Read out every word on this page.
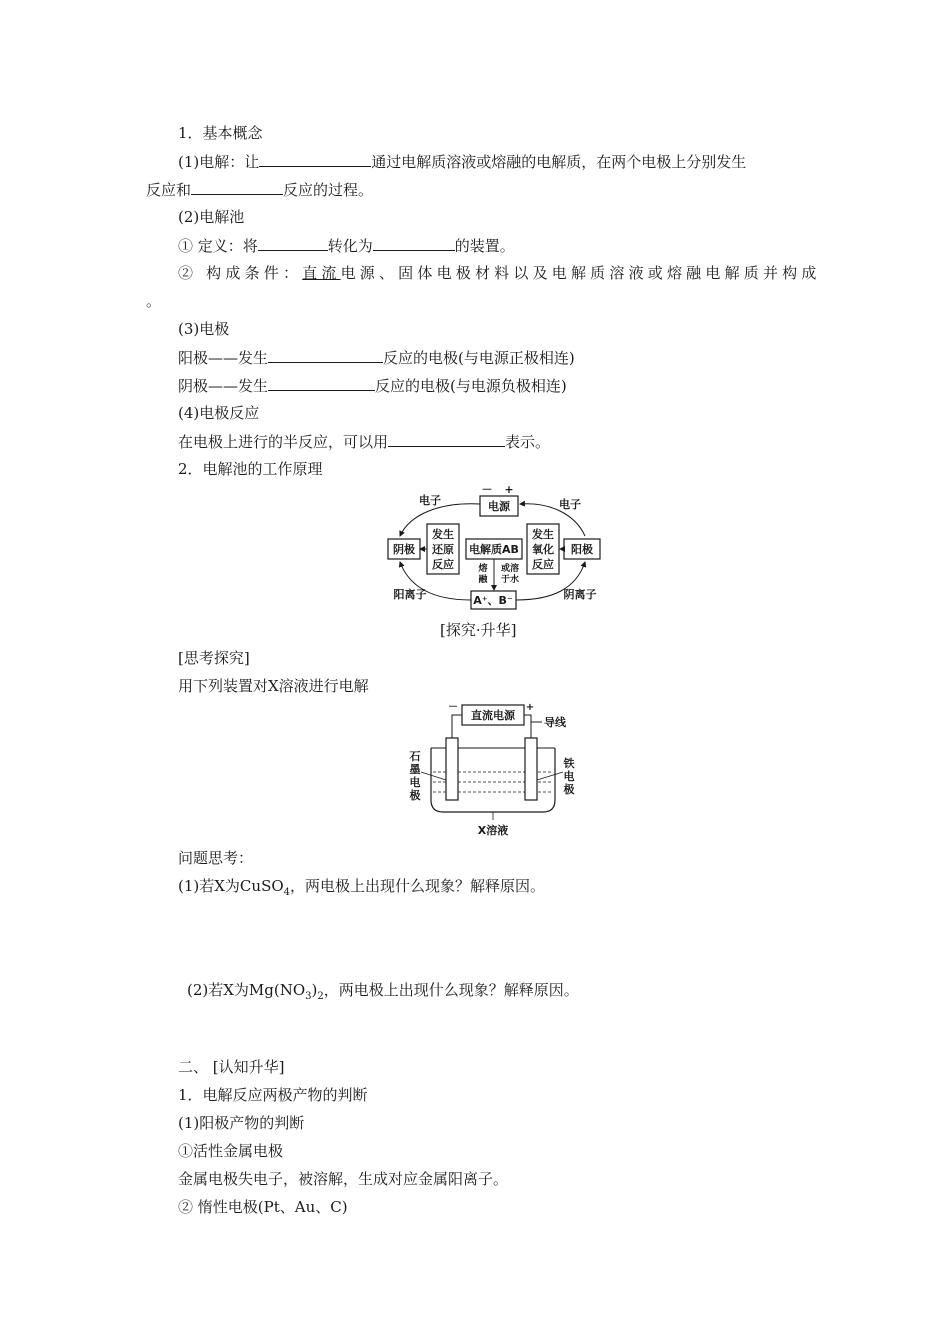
1．基本概念
(1)电解：让	通过电解质溶液或熔融的电解质，在两个电极上分别发生
反应和	反应的过程。
(2)电解池
① 定义：将	转化为	的装置。
② 构成条件：直流电源、固体电极材料以及电解质溶液或熔融电解质并构成
。
(3)电极
阳极——发生	反应的电极(与电源正极相连)
阴极——发生	反应的电极(与电源负极相连)
(4)电极反应
在电极上进行的半反应，可以用	表示。
2．电解池的工作原理
电源
－ +
电子	电子
阴极	阳极
发生
还原
反应
发生
氧化
反应
电解质AB
熔
融
或溶
于水
A⁺、B⁻
阳离子	阴离子
[探究·升华]
[思考探究]
用下列装置对X溶液进行电解
直流电源
－	+
导线
石
墨
电
极
铁
电
极
X溶液
问题思考：
(1)若X为CuSO$_4$，两电极上出现什么现象？解释原因。
(2)若X为$Mg(NO_3)_2$，两电极上出现什么现象？解释原因。
二、 [认知升华]
1．电解反应两极产物的判断
(1)阳极产物的判断
①活性金属电极
金属电极失电子，被溶解，生成对应金属阳离子。
② 惰性电极(Pt、Au、C)
